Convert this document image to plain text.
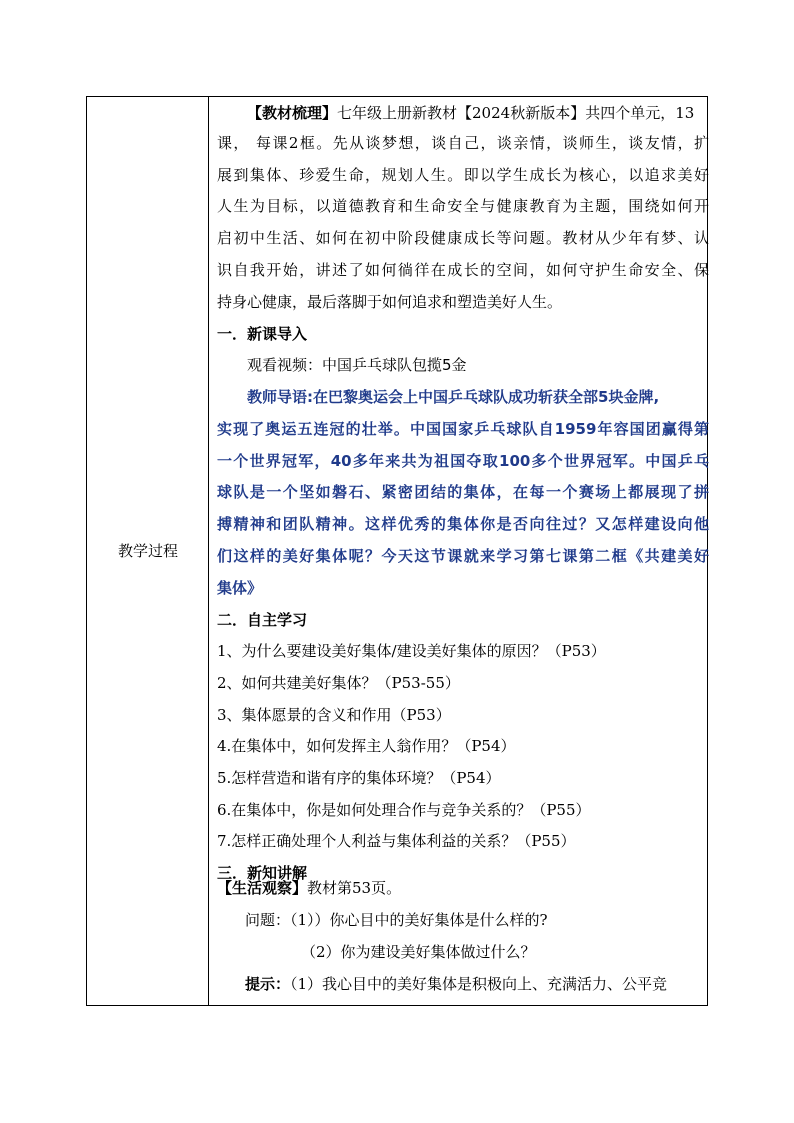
教学过程
【教材梳理】七年级上册新教材【2024秋新版本】共四个单元，13
课， 每课2框。先从谈梦想，谈自己，谈亲情，谈师生，谈友情，扩
展到集体、珍爱生命，规划人生。即以学生成长为核心，以追求美好
人生为目标，以道德教育和生命安全与健康教育为主题，围绕如何开
启初中生活、如何在初中阶段健康成长等问题。教材从少年有梦、认
识自我开始，讲述了如何徜徉在成长的空间，如何守护生命安全、保
持身心健康，最后落脚于如何追求和塑造美好人生。
一．新课导入
观看视频：中国乒乓球队包揽5金
教师导语:在巴黎奥运会上中国乒乓球队成功斩获全部5块金牌,
实现了奥运五连冠的壮举。中国国家乒乓球队自1959年容国团赢得第
一个世界冠军，40多年来共为祖国夺取100多个世界冠军。中国乒乓
球队是一个坚如磐石、紧密团结的集体，在每一个赛场上都展现了拼
搏精神和团队精神。这样优秀的集体你是否向往过？又怎样建设向他
们这样的美好集体呢？今天这节课就来学习第七课第二框《共建美好
集体》
二．自主学习
1、为什么要建设美好集体/建设美好集体的原因？（P53）
2、如何共建美好集体？（P53-55）
3、集体愿景的含义和作用（P53）
4.在集体中，如何发挥主人翁作用？（P54）
5.怎样营造和谐有序的集体环境？（P54）
6.在集体中，你是如何处理合作与竞争关系的？（P55）
7.怎样正确处理个人利益与集体利益的关系？（P55）
三．新知讲解
【生活观察】教材第53页。
问题：（1））你心目中的美好集体是什么样的?
（2）你为建设美好集体做过什么？
提示：（1）我心目中的美好集体是积极向上、充满活力、公平竞
